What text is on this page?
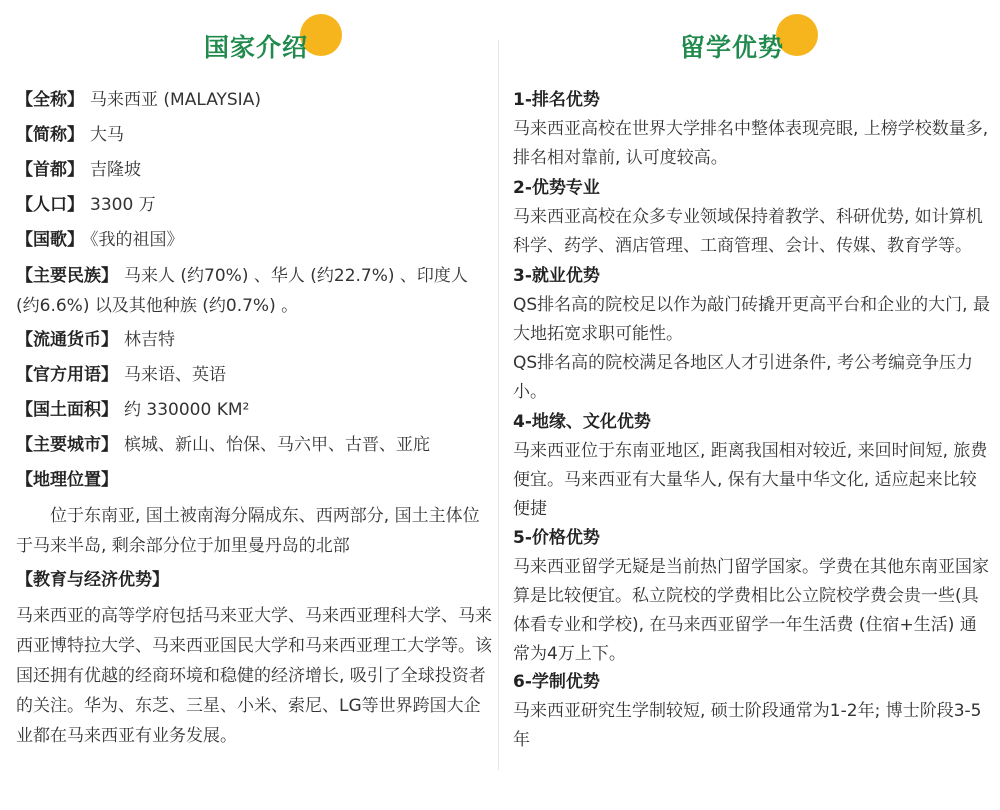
国家介绍
【全称】 马来西亚 (MALAYSIA)
【简称】 大马
【首都】 吉隆坡
【人口】 3300 万
【国歌】 《我的祖国》
【主要民族】 马来人 (约70%) 、华人 (约22.7%) 、印度人 (约6.6%) 以及其他种族 (约0.7%) 。
【流通货币】 林吉特
【官方用语】 马来语、英语
【国土面积】 约 330000 KM²
【主要城市】 槟城、新山、怡保、马六甲、古晋、亚庇
【地理位置】
位于东南亚, 国土被南海分隔成东、西两部分, 国土主体位于马来半岛, 剩余部分位于加里曼丹岛的北部
【教育与经济优势】
马来西亚的高等学府包括马来亚大学、马来西亚理科大学、马来西亚博特拉大学、马来西亚国民大学和马来西亚理工大学等。该国还拥有优越的经商环境和稳健的经济增长, 吸引了全球投资者的关注。华为、东芝、三星、小米、索尼、LG等世界跨国大企业都在马来西亚有业务发展。
留学优势
1-排名优势
马来西亚高校在世界大学排名中整体表现亮眼, 上榜学校数量多, 排名相对靠前, 认可度较高。
2-优势专业
马来西亚高校在众多专业领域保持着教学、科研优势, 如计算机科学、药学、酒店管理、工商管理、会计、传媒、教育学等。
3-就业优势
QS排名高的院校足以作为敲门砖撬开更高平台和企业的大门, 最大地拓宽求职可能性。
QS排名高的院校满足各地区人才引进条件, 考公考编竞争压力小。
4-地缘、文化优势
马来西亚位于东南亚地区, 距离我国相对较近, 来回时间短, 旅费便宜。马来西亚有大量华人, 保有大量中华文化, 适应起来比较便捷
5-价格优势
马来西亚留学无疑是当前热门留学国家。学费在其他东南亚国家算是比较便宜。私立院校的学费相比公立院校学费会贵一些(具体看专业和学校), 在马来西亚留学一年生活费 (住宿+生活) 通常为4万上下。
6-学制优势
马来西亚研究生学制较短, 硕士阶段通常为1-2年; 博士阶段3-5年
